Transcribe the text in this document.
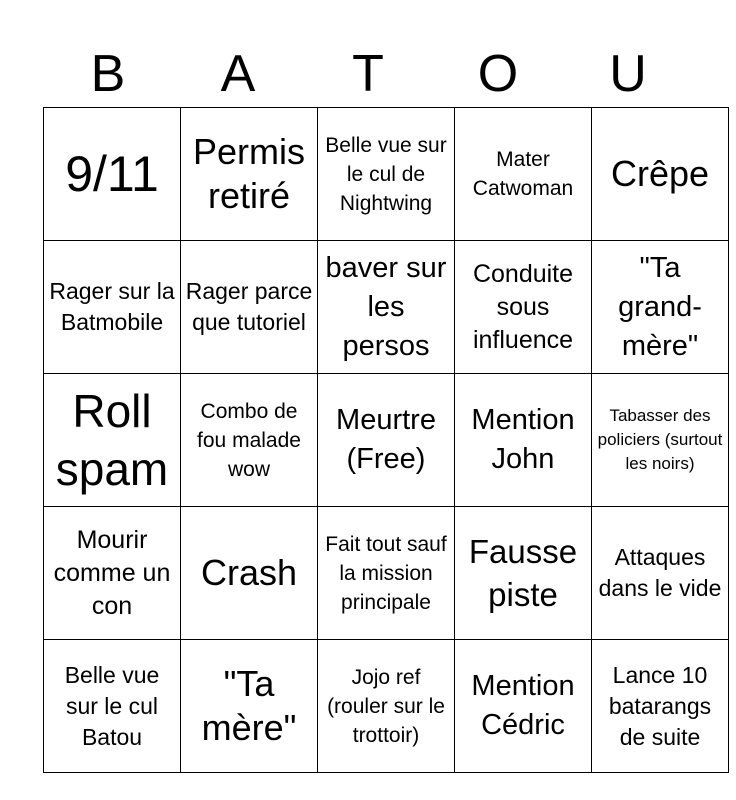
B	A	T	O	U
9/11	Permis retiré	Belle vue sur le cul de Nightwing	Mater Catwoman	Crêpe

Rager sur la Batmobile	Rager parce que tutoriel	baver sur les persos	Conduite sous influence	"Ta grand-mère"

Roll spam	Combo de fou malade wow	Meurtre (Free)	Mention John	Tabasser des policiers (surtout les noirs)

Mourir comme un con	Crash	Fait tout sauf la mission principale	Fausse piste	Attaques dans le vide

Belle vue sur le cul Batou	"Ta mère"	Jojo ref (rouler sur le trottoir)	Mention Cédric	Lance 10 batarangs de suite
